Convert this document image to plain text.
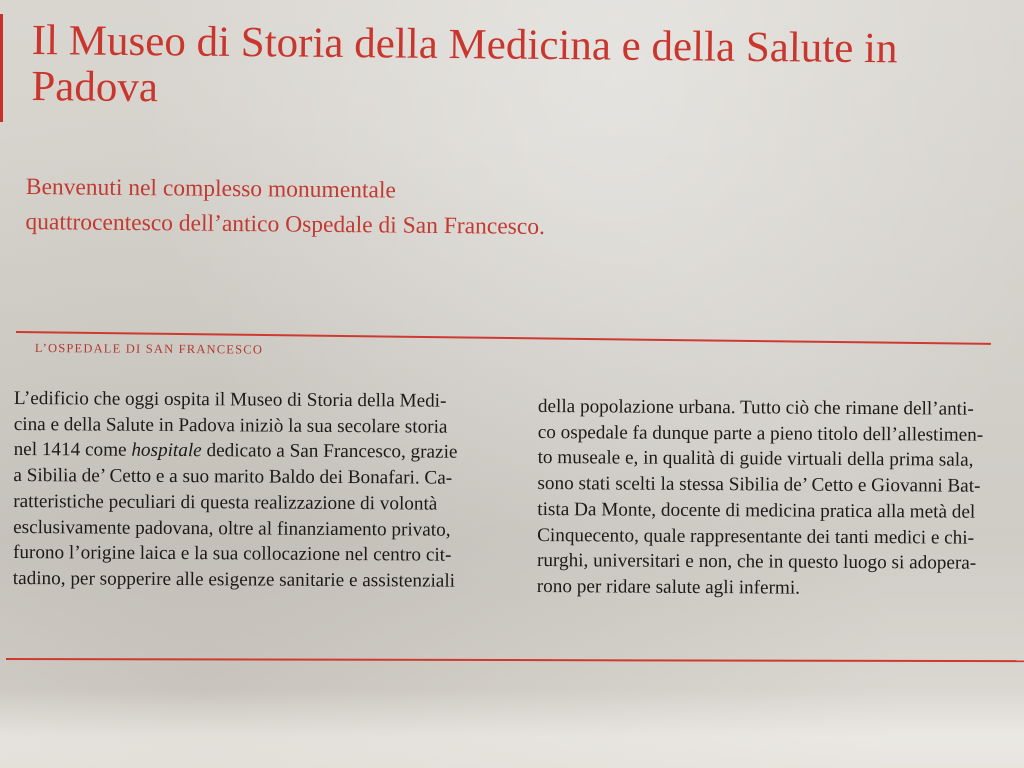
Il Museo di Storia della Medicina e della Salute in Padova

Benvenuti nel complesso monumentale quattrocentesco dell’antico Ospedale di San Francesco.

L’OSPEDALE DI SAN FRANCESCO

L’edificio che oggi ospita il Museo di Storia della Medi-
cina e della Salute in Padova iniziò la sua secolare storia
nel 1414 come hospitale dedicato a San Francesco, grazie
a Sibilia de’ Cetto e a suo marito Baldo dei Bonafari. Ca-
ratteristiche peculiari di questa realizzazione di volontà
esclusivamente padovana, oltre al finanziamento privato,
furono l’origine laica e la sua collocazione nel centro cit-
tadino, per sopperire alle esigenze sanitarie e assistenziali
della popolazione urbana. Tutto ciò che rimane dell’anti-
co ospedale fa dunque parte a pieno titolo dell’allestimen-
to museale e, in qualità di guide virtuali della prima sala,
sono stati scelti la stessa Sibilia de’ Cetto e Giovanni Bat-
tista Da Monte, docente di medicina pratica alla metà del
Cinquecento, quale rappresentante dei tanti medici e chi-
rurghi, universitari e non, che in questo luogo si adopera-
rono per ridare salute agli infermi.
